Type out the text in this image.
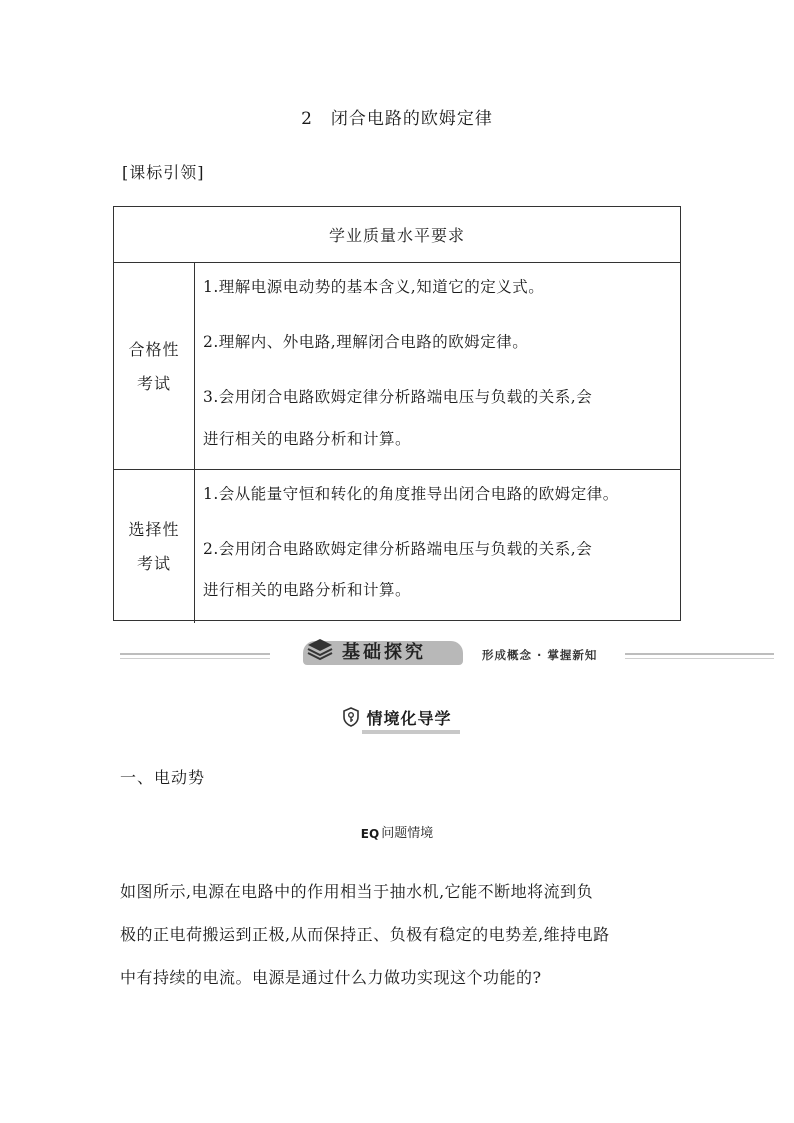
2 闭合电路的欧姆定律
[课标引领]
学业质量水平要求
合格性
考试
1.理解电源电动势的基本含义,知道它的定义式。
2.理解内、外电路,理解闭合电路的欧姆定律。
3.会用闭合电路欧姆定律分析路端电压与负载的关系,会
进行相关的电路分析和计算。
选择性
考试
1.会从能量守恒和转化的角度推导出闭合电路的欧姆定律。
2.会用闭合电路欧姆定律分析路端电压与负载的关系,会
进行相关的电路分析和计算。
基础探究	形成概念 · 掌握新知
情境化导学
一、电动势
EQ 问题情境
如图所示,电源在电路中的作用相当于抽水机,它能不断地将流到负
极的正电荷搬运到正极,从而保持正、负极有稳定的电势差,维持电路
中有持续的电流。电源是通过什么力做功实现这个功能的?
